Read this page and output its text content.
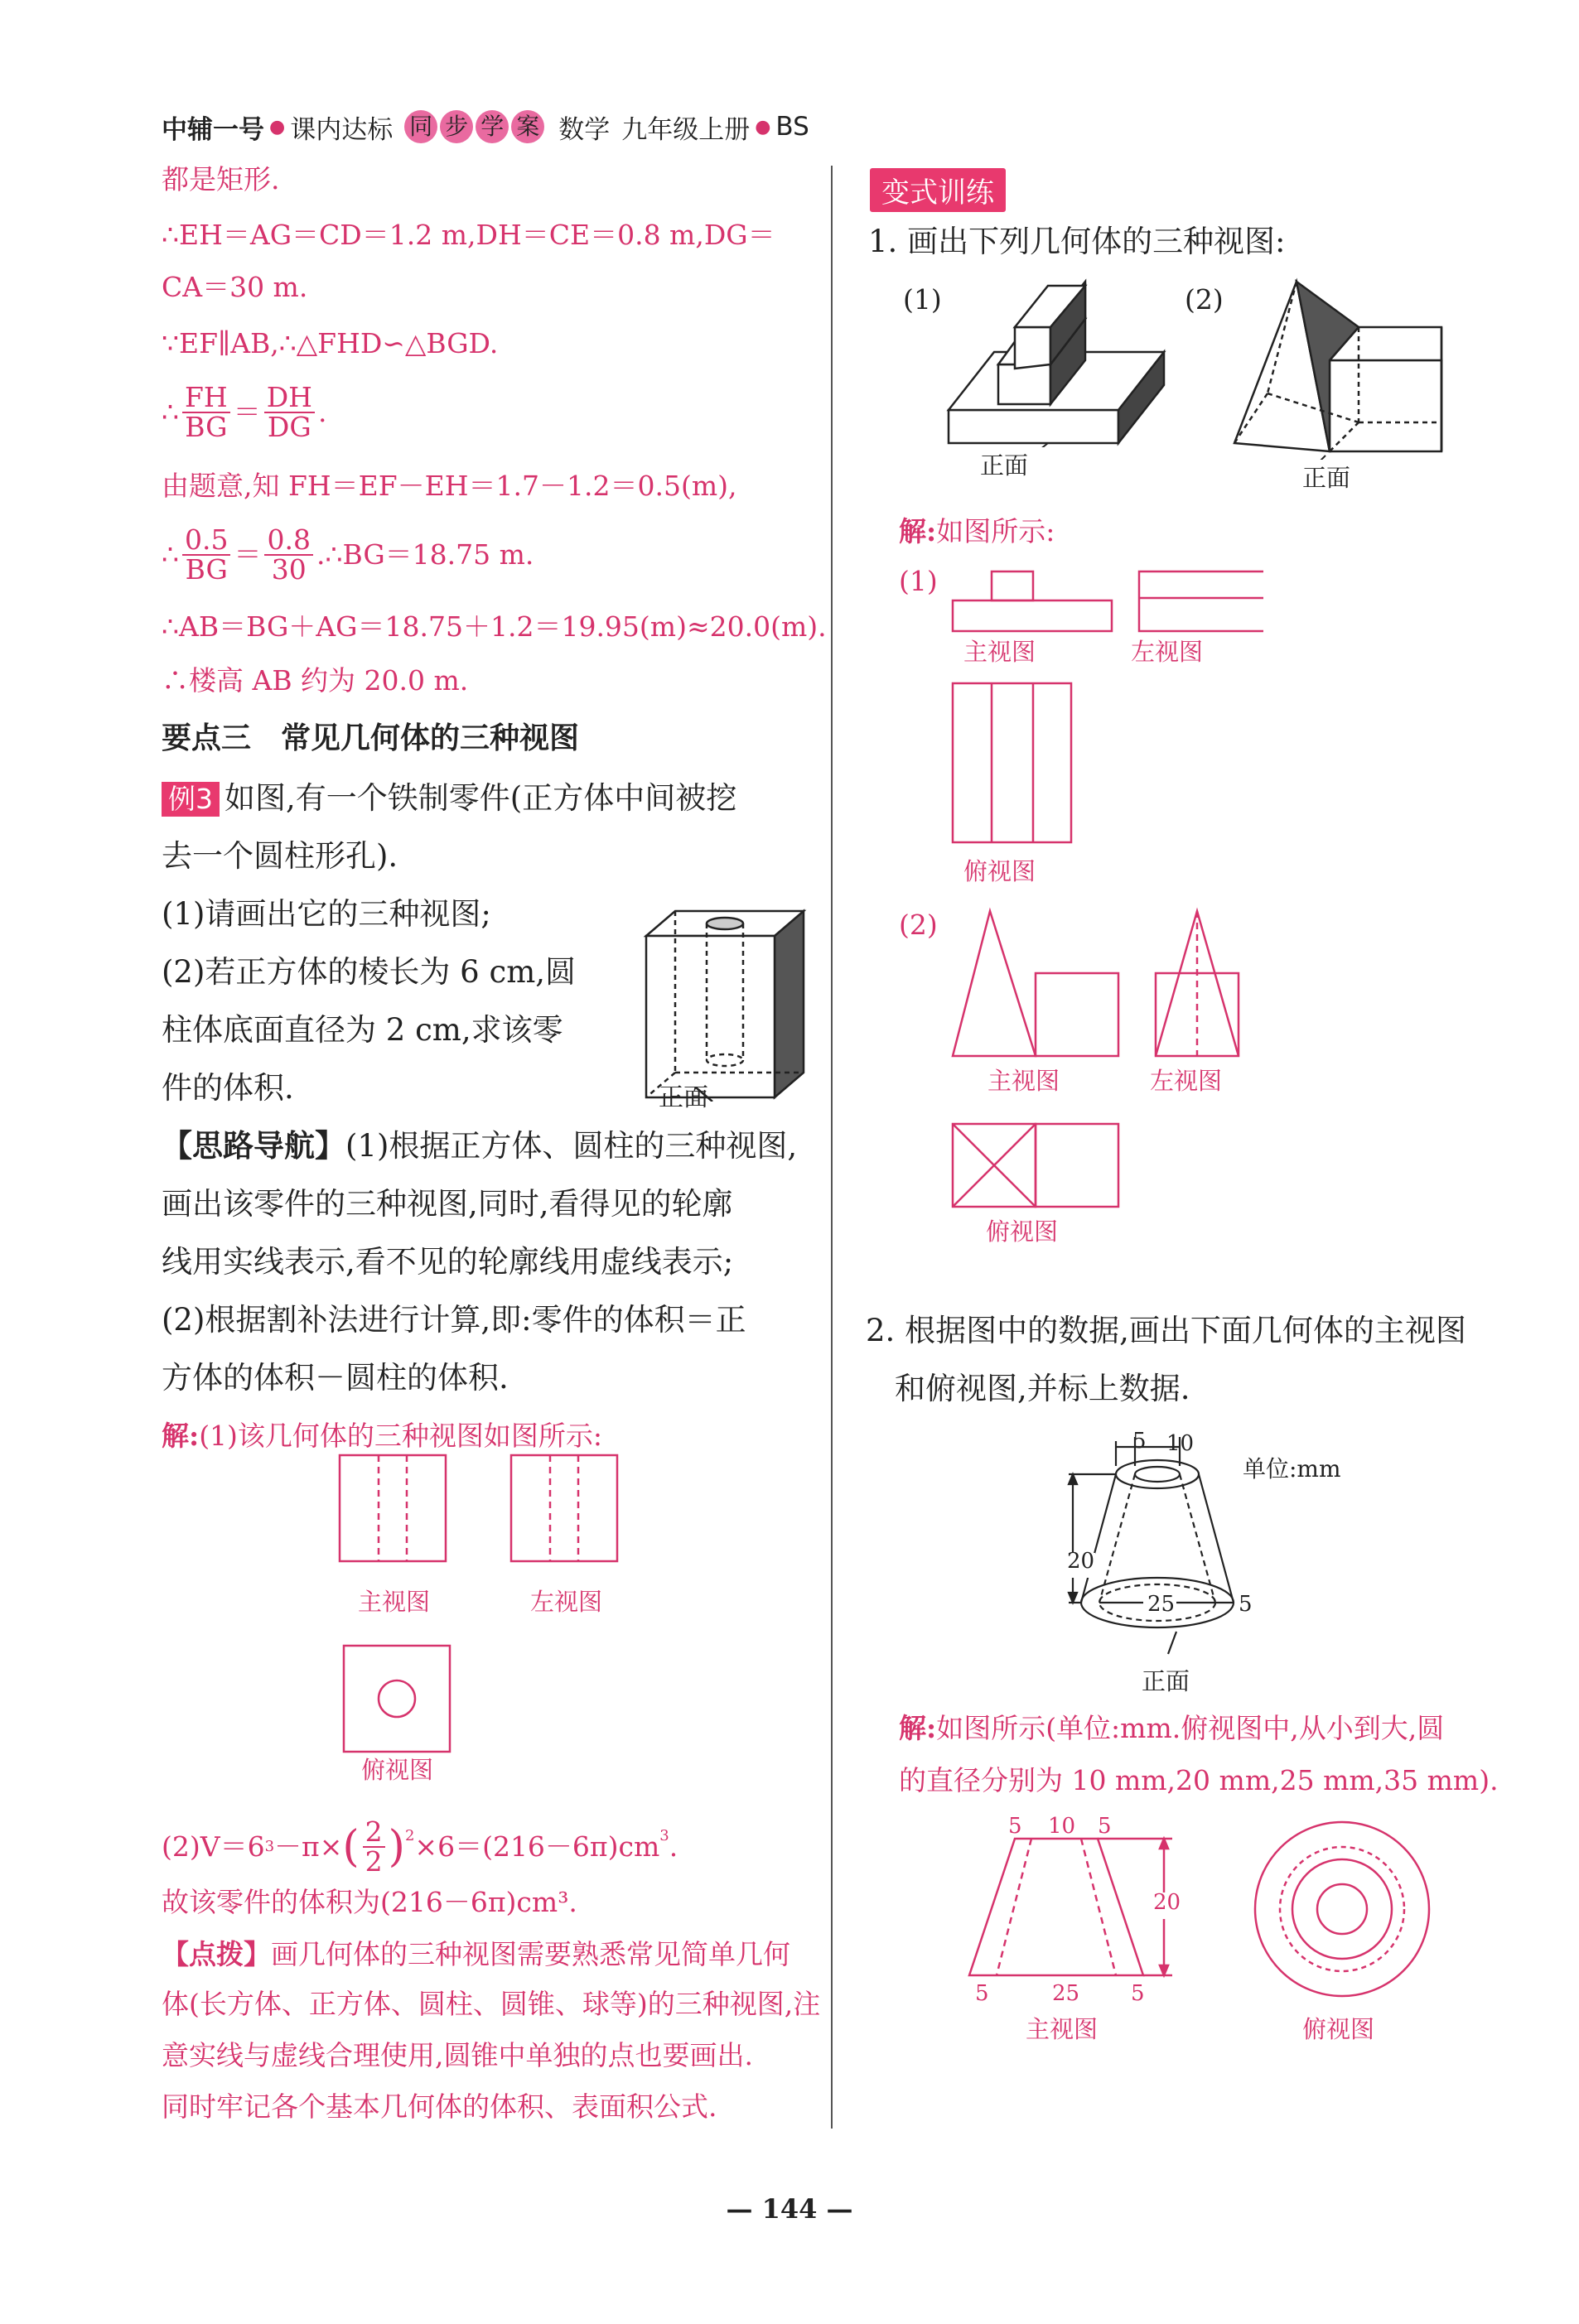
中辅一号 ● 课内达标 同 步 学 案 数学 九年级上册 ● BS
都是矩形.
∴EH＝AG＝CD＝1.2 m,DH＝CE＝0.8 m,DG＝
CA＝30 m.
∵EF∥AB,∴△FHD∽△BGD.
∴ $\frac{FH}{BG} = \frac{DH}{DG}$ .
由题意,知 FH＝EF－EH＝1.7－1.2＝0.5(m),
∴ $\frac{0.5}{BG} = \frac{0.8}{30}$ .∴BG＝18.75 m.
∴AB＝BG＋AG＝18.75＋1.2＝19.95(m)≈20.0(m).
∴楼高 AB 约为 20.0 m.
要点三　常见几何体的三种视图
例3 如图,有一个铁制零件(正方体中间被挖
去一个圆柱形孔).
(1)请画出它的三种视图;
(2)若正方体的棱长为 6 cm,圆
柱体底面直径为 2 cm,求该零
件的体积.	正面
【思路导航】(1)根据正方体、圆柱的三种视图,
画出该零件的三种视图,同时,看得见的轮廓
线用实线表示,看不见的轮廓线用虚线表示;
(2)根据割补法进行计算,即:零件的体积＝正
方体的体积－圆柱的体积.
解:(1)该几何体的三种视图如图所示:
主视图	左视图
俯视图
(2)V＝6 3 －π× ( $\frac{2}{2} )^2 \times 6=(216-6\pi)cm^3$ .
故该零件的体积为(216－6π)cm³.
【点拨】画几何体的三种视图需要熟悉常见简单几何
体(长方体、正方体、圆柱、圆锥、球等)的三种视图,注
意实线与虚线合理使用,圆锥中单独的点也要画出.
同时牢记各个基本几何体的体积、表面积公式.
变式训练
1. 画出下列几何体的三种视图:
(1)	(2)
正面	正面
解:如图所示:
(1)
主视图	左视图
俯视图
(2)
主视图	左视图
俯视图
2. 根据图中的数据,画出下面几何体的主视图
和俯视图,并标上数据.
5 10
单位:mm
20
25	5
正面
解:如图所示(单位:mm.俯视图中,从小到大,圆
的直径分别为 10 mm,20 mm,25 mm,35 mm).
5 10 5
20
5	25 5
主视图	俯视图
— 144 —
